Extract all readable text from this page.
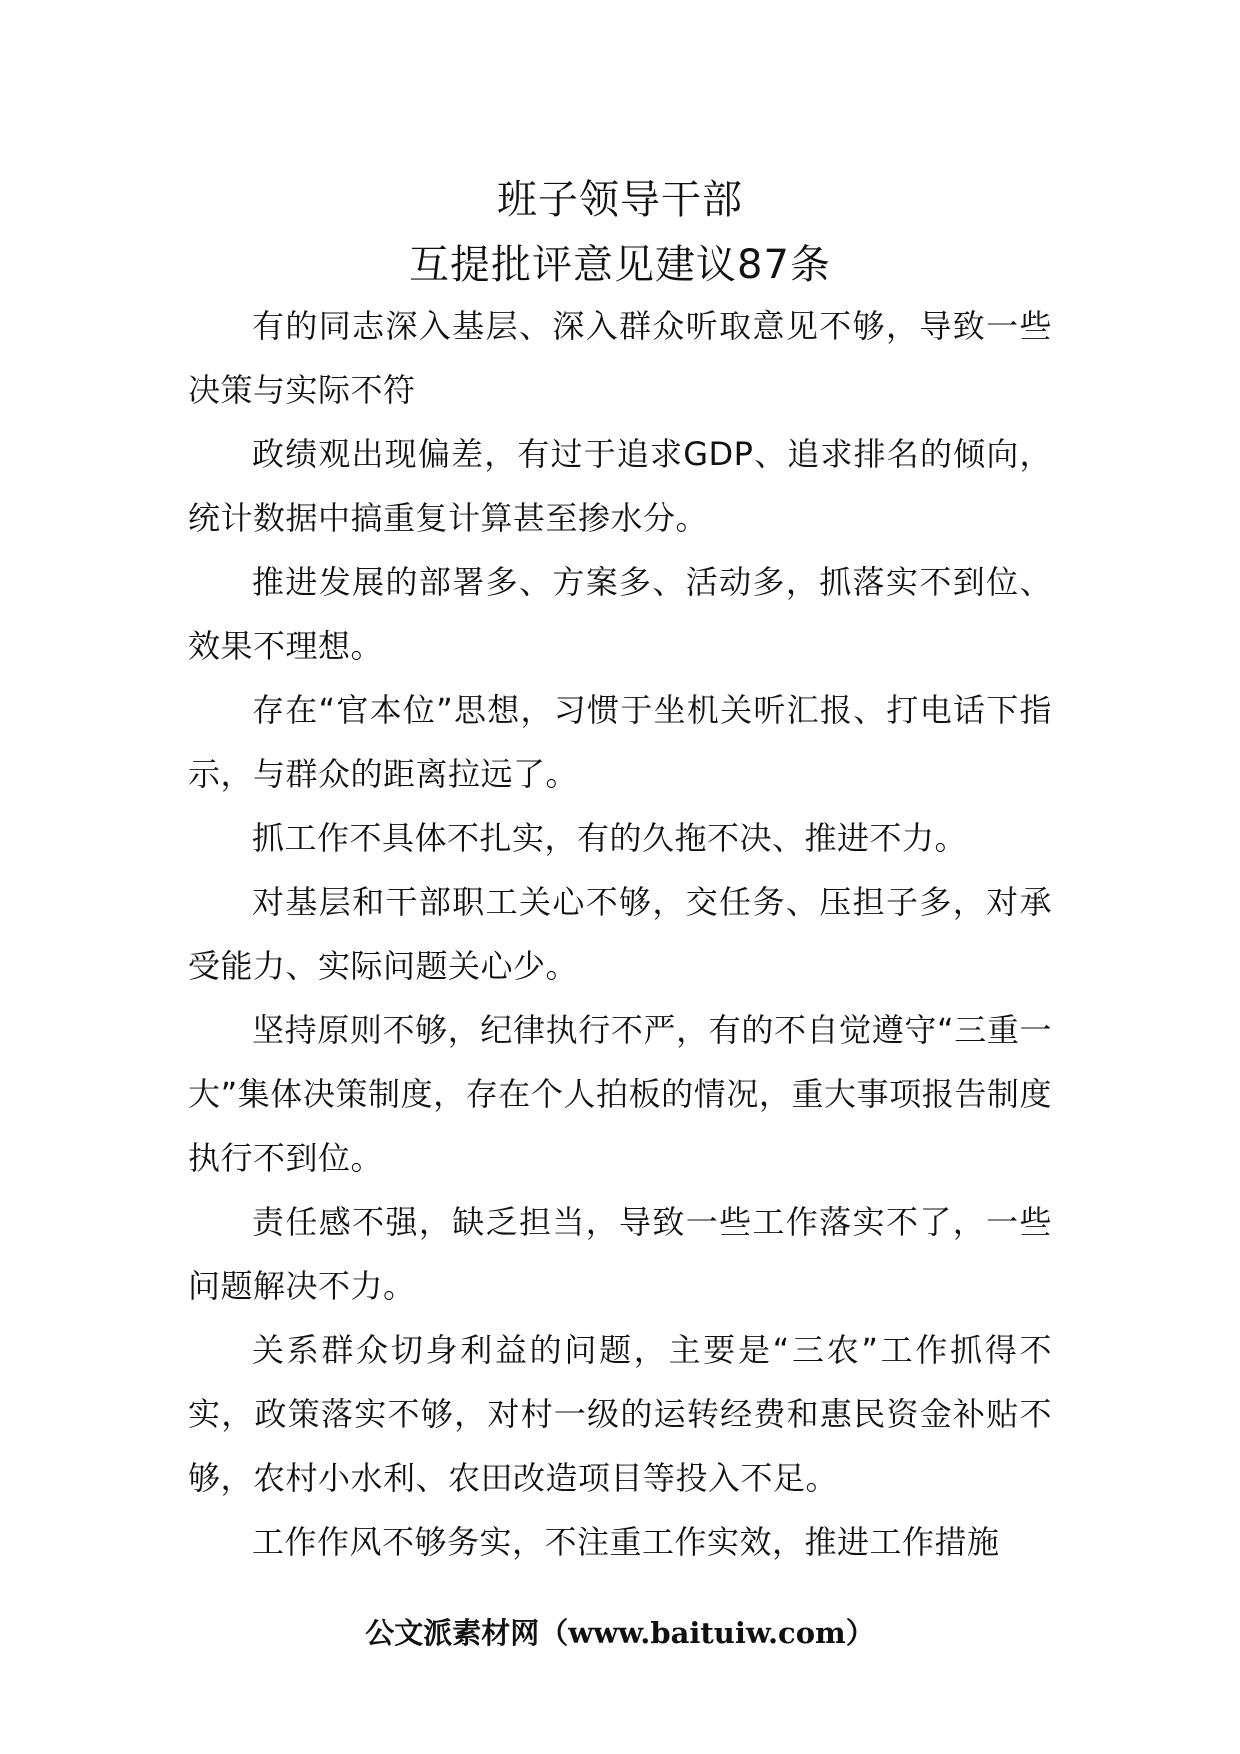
班子领导干部
互提批评意见建议87条

有的同志深入基层、深入群众听取意见不够，导致一些决策与实际不符

政绩观出现偏差，有过于追求GDP、追求排名的倾向，统计数据中搞重复计算甚至掺水分。

推进发展的部署多、方案多、活动多，抓落实不到位、效果不理想。

存在“官本位”思想，习惯于坐机关听汇报、打电话下指示，与群众的距离拉远了。

抓工作不具体不扎实，有的久拖不决、推进不力。

对基层和干部职工关心不够，交任务、压担子多，对承受能力、实际问题关心少。

坚持原则不够，纪律执行不严，有的不自觉遵守“三重一大”集体决策制度，存在个人拍板的情况，重大事项报告制度执行不到位。

责任感不强，缺乏担当，导致一些工作落实不了，一些问题解决不力。

关系群众切身利益的问题，主要是“三农”工作抓得不实，政策落实不够，对村一级的运转经费和惠民资金补贴不够，农村小水利、农田改造项目等投入不足。

工作作风不够务实，不注重工作实效，推进工作措施

公文派素材网（www.baituiw.com）
